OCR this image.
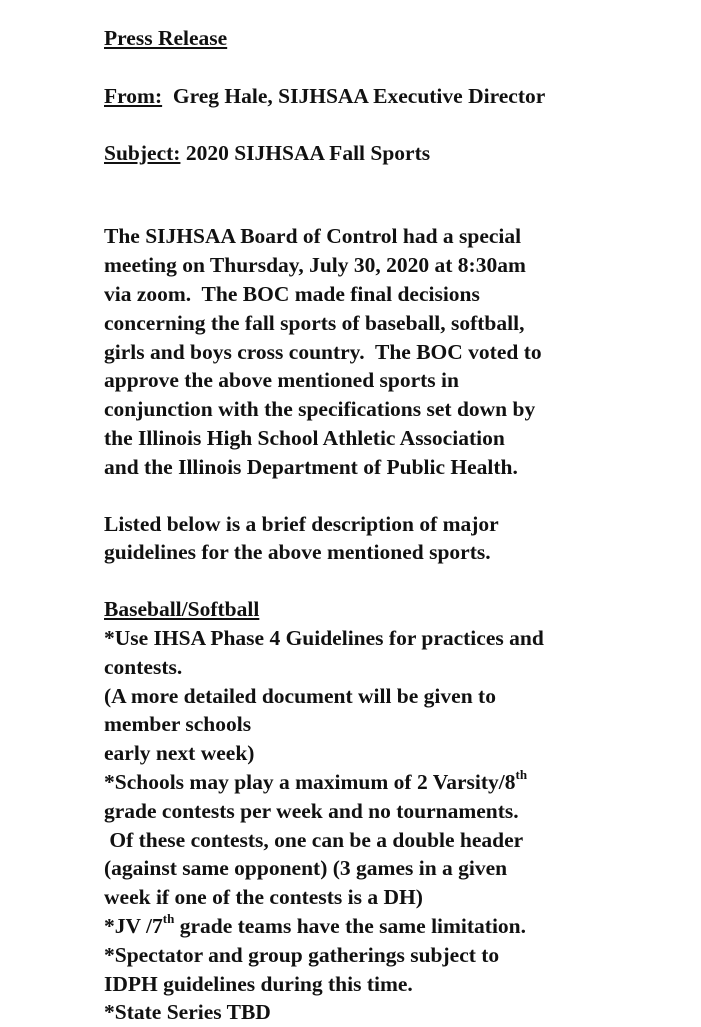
Press Release
From: Greg Hale, SIJHSAA Executive Director
Subject: 2020 SIJHSAA Fall Sports
The SIJHSAA Board of Control had a special
meeting on Thursday, July 30, 2020 at 8:30am
via zoom.  The BOC made final decisions
concerning the fall sports of baseball, softball,
girls and boys cross country.  The BOC voted to
approve the above mentioned sports in
conjunction with the specifications set down by
the Illinois High School Athletic Association
and the Illinois Department of Public Health.
Listed below is a brief description of major
guidelines for the above mentioned sports.
Baseball/Softball
*Use IHSA Phase 4 Guidelines for practices and
contests.
(A more detailed document will be given to
member schools
early next week)
*Schools may play a maximum of 2 Varsity/8th
grade contests per week and no tournaments.
Of these contests, one can be a double header
(against same opponent) (3 games in a given
week if one of the contests is a DH)
*JV /7th grade teams have the same limitation.
*Spectator and group gatherings subject to
IDPH guidelines during this time.
*State Series TBD
